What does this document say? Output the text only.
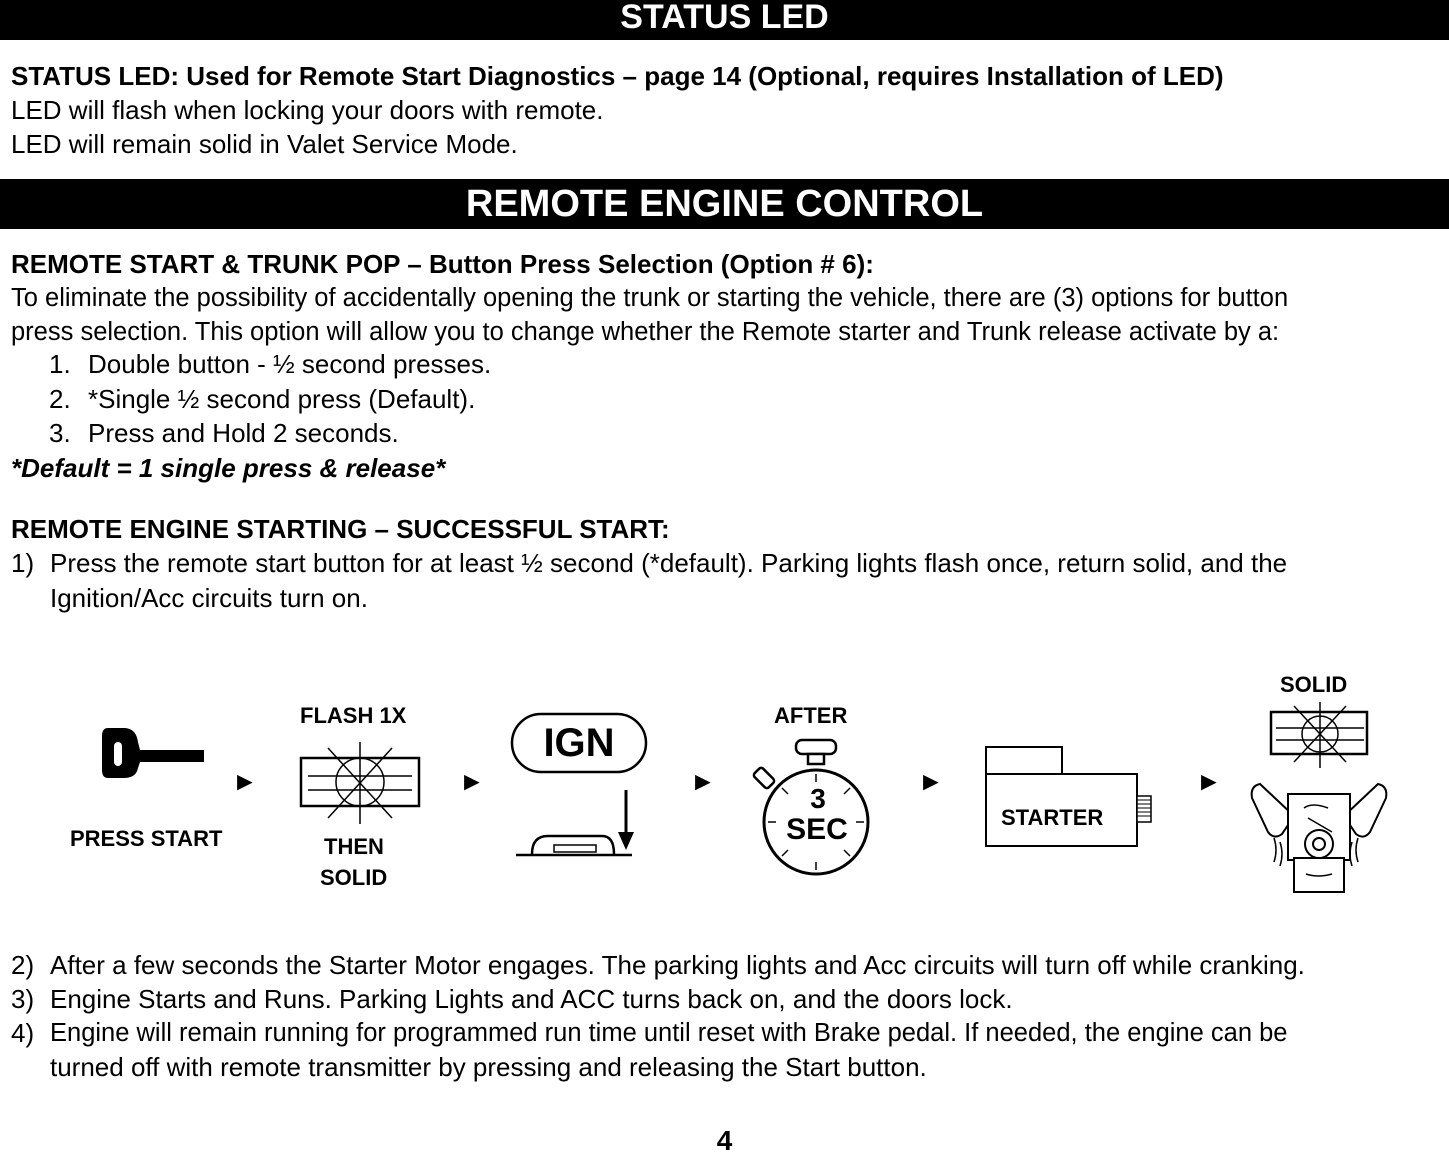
STATUS LED
STATUS LED: Used for Remote Start Diagnostics – page 14 (Optional, requires Installation of LED)
LED will flash when locking your doors with remote.
LED will remain solid in Valet Service Mode.
REMOTE ENGINE CONTROL
REMOTE START & TRUNK POP – Button Press Selection (Option # 6):
To eliminate the possibility of accidentally opening the trunk or starting the vehicle, there are (3) options for button
press selection. This option will allow you to change whether the Remote starter and Trunk release activate by a:
1. Double button - ½ second presses.
2. *Single ½ second press (Default).
3. Press and Hold 2 seconds.
*Default = 1 single press & release*
REMOTE ENGINE STARTING – SUCCESSFUL START:
1) Press the remote start button for at least ½ second (*default). Parking lights flash once, return solid, and the
Ignition/Acc circuits turn on.
PRESS START
►
FLASH 1X
THEN
SOLID
►
IGN
►
AFTER
3
SEC
►
STARTER
►
SOLID
2) After a few seconds the Starter Motor engages. The parking lights and Acc circuits will turn off while cranking.
3) Engine Starts and Runs. Parking Lights and ACC turns back on, and the doors lock.
4) Engine will remain running for programmed run time until reset with Brake pedal. If needed, the engine can be
turned off with remote transmitter by pressing and releasing the Start button.
4
